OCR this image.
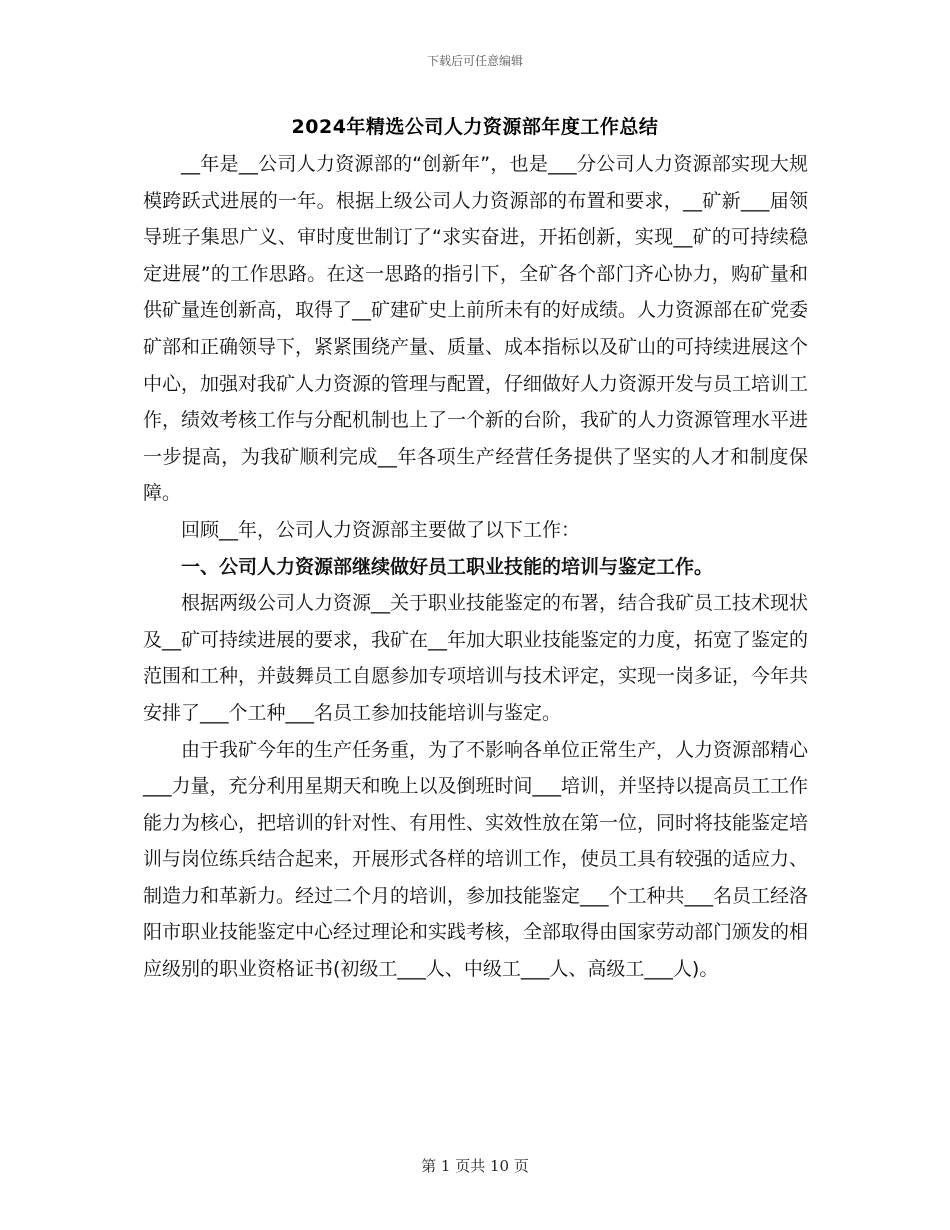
下载后可任意编辑
2024年精选公司人力资源部年度工作总结

__年是__公司人力资源部的“创新年”，也是___分公司人力资源部实现大规模跨跃式进展的一年。根据上级公司人力资源部的布置和要求，__矿新___届领导班子集思广义、审时度世制订了“求实奋进，开拓创新，实现__矿的可持续稳定进展”的工作思路。在这一思路的指引下，全矿各个部门齐心协力，购矿量和供矿量连创新高，取得了__矿建矿史上前所未有的好成绩。人力资源部在矿党委矿部和正确领导下，紧紧围绕产量、质量、成本指标以及矿山的可持续进展这个中心，加强对我矿人力资源的管理与配置，仔细做好人力资源开发与员工培训工作，绩效考核工作与分配机制也上了一个新的台阶，我矿的人力资源管理水平进一步提高，为我矿顺利完成__年各项生产经营任务提供了坚实的人才和制度保障。

回顾__年，公司人力资源部主要做了以下工作：

一、公司人力资源部继续做好员工职业技能的培训与鉴定工作。

根据两级公司人力资源__关于职业技能鉴定的布署，结合我矿员工技术现状及__矿可持续进展的要求，我矿在__年加大职业技能鉴定的力度，拓宽了鉴定的范围和工种，并鼓舞员工自愿参加专项培训与技术评定，实现一岗多证，今年共安排了___个工种___名员工参加技能培训与鉴定。

由于我矿今年的生产任务重，为了不影响各单位正常生产，人力资源部精心___力量，充分利用星期天和晚上以及倒班时间___培训，并坚持以提高员工工作能力为核心，把培训的针对性、有用性、实效性放在第一位，同时将技能鉴定培训与岗位练兵结合起来，开展形式各样的培训工作，使员工具有较强的适应力、制造力和革新力。经过二个月的培训，参加技能鉴定___个工种共___名员工经洛阳市职业技能鉴定中心经过理论和实践考核，全部取得由国家劳动部门颁发的相应级别的职业资格证书(初级工___人、中级工___人、高级工___人)。

第 1 页共 10 页
